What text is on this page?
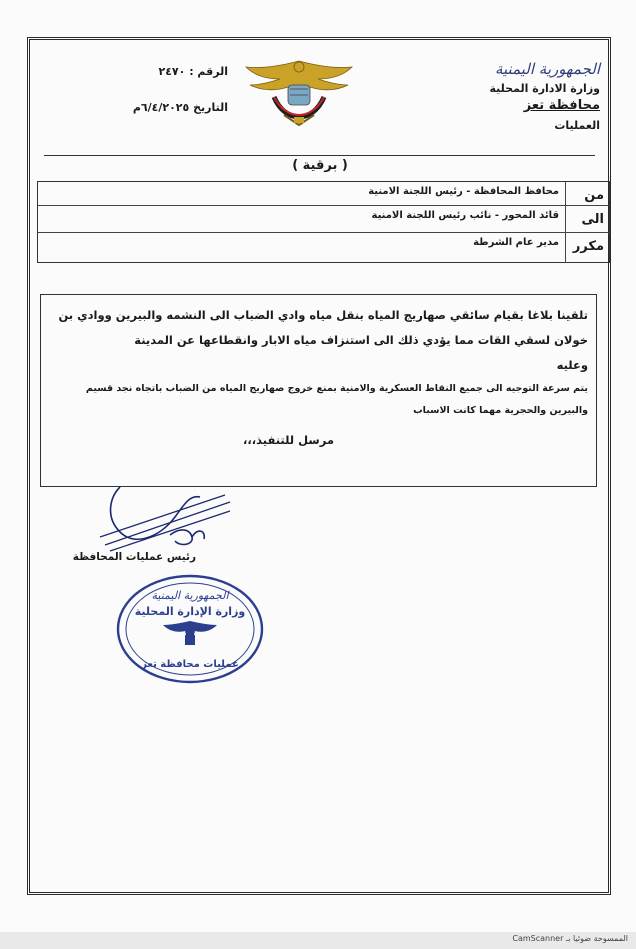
الجمهورية اليمنية
وزارة الادارة المحلية
محافظة تعز
العمليات
الرقم : ٢٤٧٠
التاريخ ٦/٤/٢٠٢٥م
( برقية )
من
محافظ المحافظة - رئيس اللجنة الامنية
الى
قائد المحور - نائب رئيس اللجنة الامنية
مكرر
مدير عام الشرطة
تلقينا بلاغا بقيام سائقي صهاريج المياه بنقل مياه وادي الضباب الى النشمه والبيرين ووادي بن خولان لسقي القات مما يؤدي ذلك الى استنزاف مياه الابار وانقطاعها عن المدينة
وعليه
يتم سرعة التوجيه الى جميع النقاط العسكرية والامنية بمنع خروج صهاريج المياه من الضباب باتجاه نجد قسيم والبيرين والحجرية مهما كانت الاسباب
مرسل للتنفيذ،،،
رئيس عمليات المحافظة
الجمهورية اليمنية
وزارة الإدارة المحلية
عمليات محافظة تعز
الممسوحة ضوئيا بـ CamScanner
